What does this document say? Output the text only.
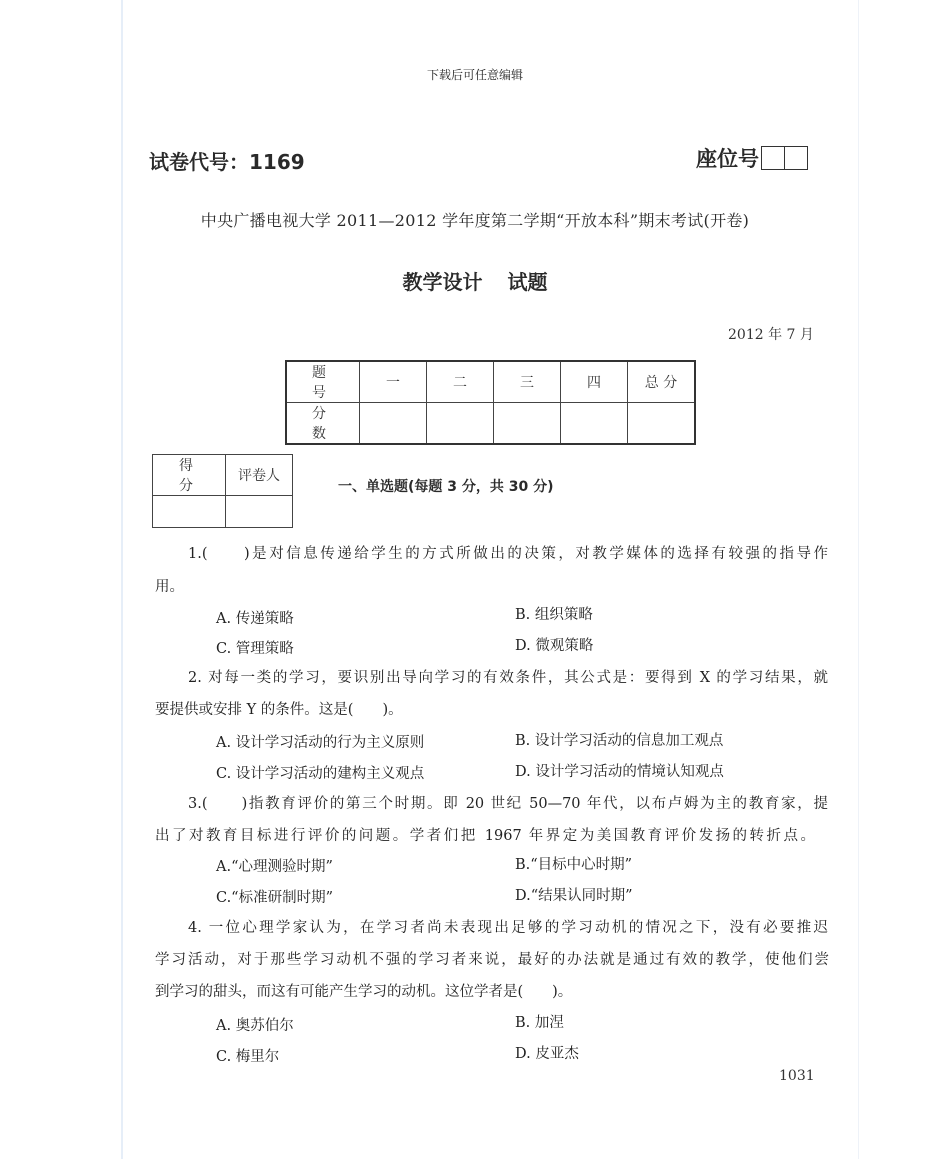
下载后可任意编辑
试卷代号：1169	座位号
中央广播电视大学 2011—2012 学年度第二学期“开放本科”期末考试(开卷)
教学设计 试题
2012 年 7 月
题 号	一	二	三	四	总 分
分 数					
得 分	评卷人

一、单选题(每题 3 分，共 30 分)
1.(　　)是对信息传递给学生的方式所做出的决策，对教学媒体的选择有较强的指导作
用。
A. 传递策略	B. 组织策略
C. 管理策略	D. 微观策略
2. 对每一类的学习，要识别出导向学习的有效条件，其公式是：要得到 X 的学习结果，就
要提供或安排 Y 的条件。这是(　　)。
A. 设计学习活动的行为主义原则	B. 设计学习活动的信息加工观点
C. 设计学习活动的建构主义观点	D. 设计学习活动的情境认知观点
3.(　　)指教育评价的第三个时期。即 20 世纪 50—70 年代，以布卢姆为主的教育家，提
出了对教育目标进行评价的问题。学者们把 1967 年界定为美国教育评价发扬的转折点。
A.“心理测验时期”	B.“目标中心时期”
C.“标准研制时期”	D.“结果认同时期”
4. 一位心理学家认为，在学习者尚未表现出足够的学习动机的情况之下，没有必要推迟
学习活动，对于那些学习动机不强的学习者来说，最好的办法就是通过有效的教学，使他们尝
到学习的甜头，而这有可能产生学习的动机。这位学者是(　　)。
A. 奥苏伯尔	B. 加涅
C. 梅里尔	D. 皮亚杰
1031
